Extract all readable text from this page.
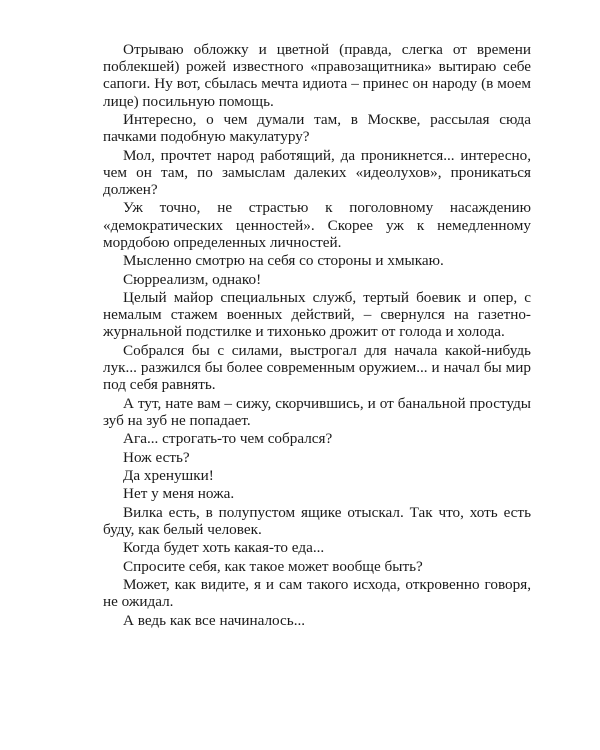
Отрываю обложку и цветной (правда, слегка от времени поблекшей) рожей известного «правозащитника» вытираю себе сапоги. Ну вот, сбылась мечта идиота – принес он народу (в моем лице) посильную помощь.

Интересно, о чем думали там, в Москве, рассылая сюда пачками подобную макулатуру?

Мол, прочтет народ работящий, да проникнется... интересно, чем он там, по замыслам далеких «идеолухов», проникаться должен?

Уж точно, не страстью к поголовному насаждению «демократических ценностей». Скорее уж к немедленному мордобою определенных личностей.

Мысленно смотрю на себя со стороны и хмыкаю.

Сюрреализм, однако!

Целый майор специальных служб, тертый боевик и опер, с немалым стажем военных действий, – свернулся на газетно-журнальной подстилке и тихонько дрожит от голода и холода.

Собрался бы с силами, выстрогал для начала какой-нибудь лук... разжился бы более современным оружием... и начал бы мир под себя равнять.

А тут, нате вам – сижу, скорчившись, и от банальной простуды зуб на зуб не попадает.

Ага... строгать-то чем собрался?

Нож есть?

Да хренушки!

Нет у меня ножа.

Вилка есть, в полупустом ящике отыскал. Так что, хоть есть буду, как белый человек.

Когда будет хоть какая-то еда...

Спросите себя, как такое может вообще быть?

Может, как видите, я и сам такого исхода, откровенно говоря, не ожидал.

А ведь как все начиналось...
